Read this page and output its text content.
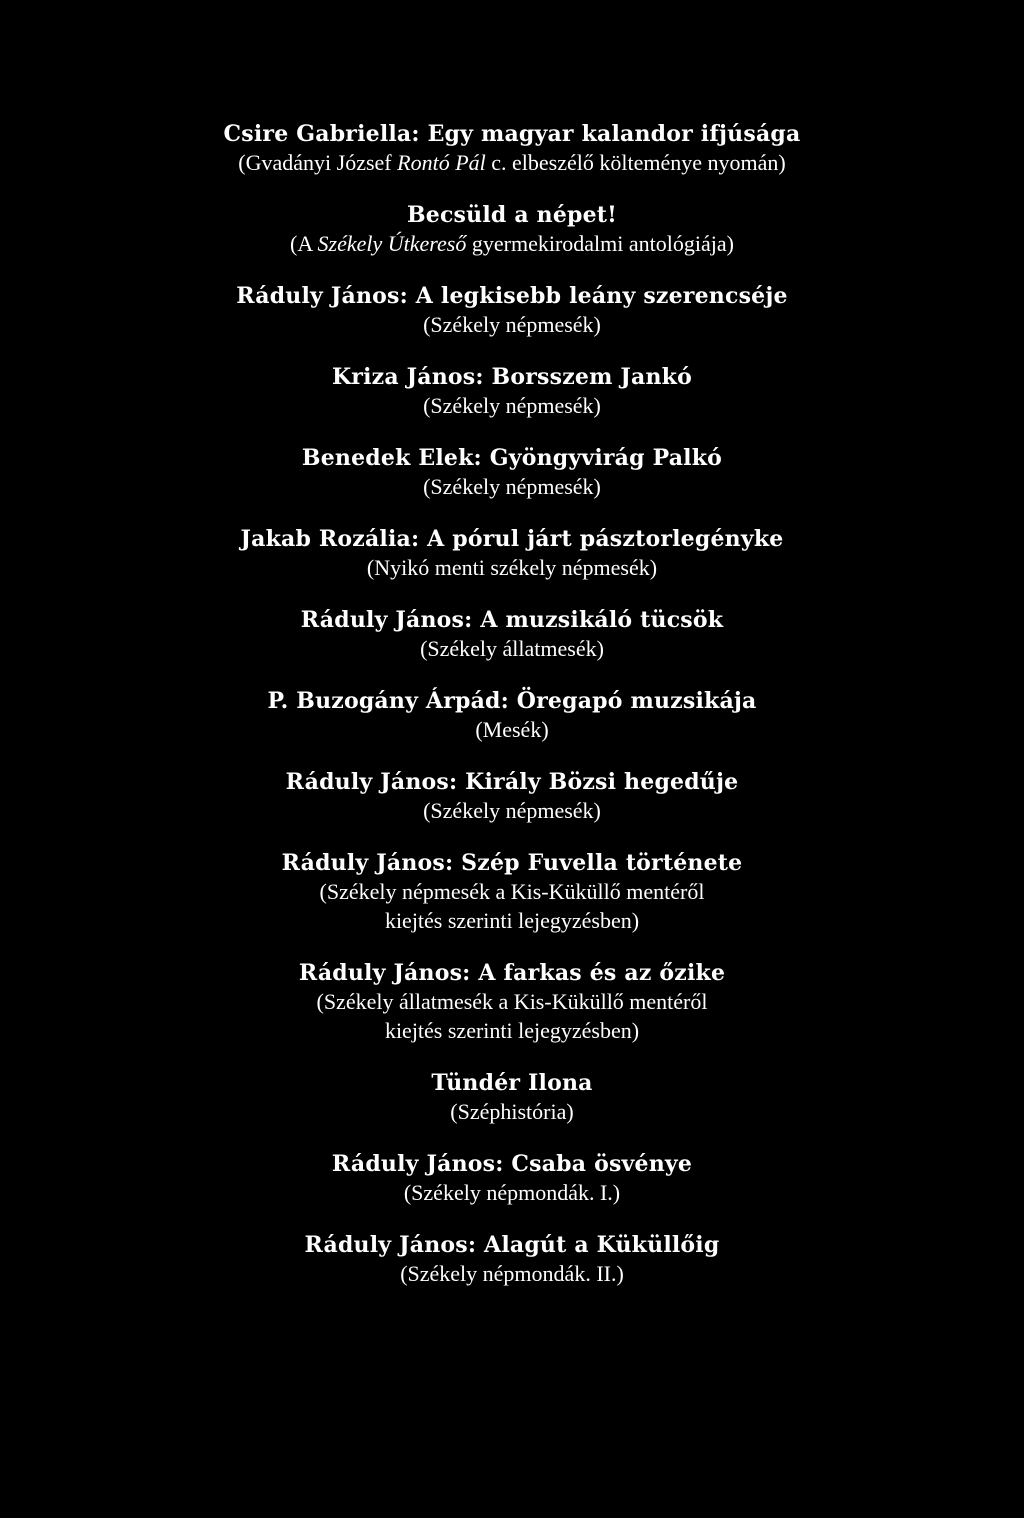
Csire Gabriella: Egy magyar kalandor ifjúsága
(Gvadányi József Rontó Pál c. elbeszélő költeménye nyomán)
Becsüld a népet!
(A Székely Útkereső gyermekirodalmi antológiája)
Ráduly János: A legkisebb leány szerencséje
(Székely népmesék)
Kriza János: Borsszem Jankó
(Székely népmesék)
Benedek Elek: Gyöngyvirág Palkó
(Székely népmesék)
Jakab Rozália: A pórul járt pásztorlegényke
(Nyikó menti székely népmesék)
Ráduly János: A muzsikáló tücsök
(Székely állatmesék)
P. Buzogány Árpád: Öregapó muzsikája
(Mesék)
Ráduly János: Király Bözsi hegedűje
(Székely népmesék)
Ráduly János: Szép Fuvella története
(Székely népmesék a Kis-Küküllő mentéről
kiejtés szerinti lejegyzésben)
Ráduly János: A farkas és az őzike
(Székely állatmesék a Kis-Küküllő mentéről
kiejtés szerinti lejegyzésben)
Tündér Ilona
(Széphistória)
Ráduly János: Csaba ösvénye
(Székely népmondák. I.)
Ráduly János: Alagút a Küküllőig
(Székely népmondák. II.)
